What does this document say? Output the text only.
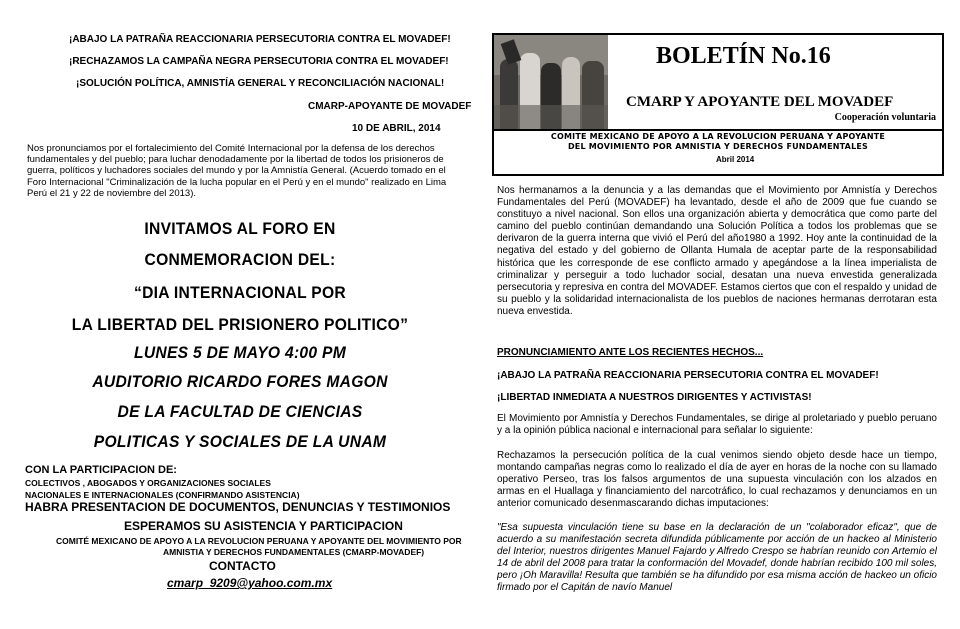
¡ABAJO LA PATRAÑA REACCIONARIA PERSECUTORIA CONTRA EL MOVADEF!
¡RECHAZAMOS LA CAMPAÑA NEGRA PERSECUTORIA CONTRA EL MOVADEF!
¡SOLUCIÓN POLÍTICA, AMNISTÍA GENERAL Y RECONCILIACIÓN NACIONAL!
CMARP-APOYANTE DE MOVADEF
10 DE ABRIL, 2014
Nos pronunciamos por el fortalecimiento del Comité Internacional por la defensa de los derechos fundamentales y del pueblo; para luchar denodadamente por la libertad de todos los prisioneros de guerra, políticos y luchadores sociales del mundo y por la Amnistía General. (Acuerdo tomado en el Foro Internacional "Criminalización de la lucha popular en el Perú y en el mundo" realizado en Lima Perú el 21 y 22 de noviembre del 2013).
INVITAMOS AL FORO EN
CONMEMORACION DEL:
“DIA INTERNACIONAL POR
LA LIBERTAD DEL PRISIONERO POLITICO”
LUNES 5 DE MAYO 4:00 PM
AUDITORIO RICARDO FORES MAGON
DE LA FACULTAD DE CIENCIAS
POLITICAS Y SOCIALES DE LA UNAM
CON LA PARTICIPACION DE:
COLECTIVOS , ABOGADOS Y ORGANIZACIONES SOCIALES
NACIONALES E INTERNACIONALES (CONFIRMANDO ASISTENCIA)
HABRA PRESENTACION DE DOCUMENTOS, DENUNCIAS Y TESTIMONIOS
ESPERAMOS SU ASISTENCIA Y PARTICIPACION
COMITÉ MEXICANO DE APOYO A LA REVOLUCION PERUANA Y APOYANTE DEL MOVIMIENTO POR
AMNISTIA Y DERECHOS FUNDAMENTALES (CMARP-MOVADEF)
CONTACTO
cmarp_9209@yahoo.com.mx
BOLETÍN No.16
CMARP Y APOYANTE DEL MOVADEF
Cooperación voluntaria
COMITE MEXICANO DE APOYO A LA REVOLUCION PERUANA Y APOYANTE
DEL MOVIMIENTO POR AMNISTIA Y DERECHOS FUNDAMENTALES
Abril 2014
Nos hermanamos a la denuncia y a las demandas que el Movimiento por Amnistía y Derechos Fundamentales del Perú (MOVADEF) ha levantado, desde el año de 2009 que fue cuando se constituyo a nivel nacional. Son ellos una organización abierta y democrática que como parte del camino del pueblo continúan demandando una Solución Política a todos los problemas que se derivaron de la guerra interna que vivió el Perú del año1980 a 1992. Hoy ante la continuidad de la negativa del estado y del gobierno de Ollanta Humala de aceptar parte de la responsabilidad histórica que les corresponde de ese conflicto armado y apegándose a la línea imperialista de criminalizar y perseguir a todo luchador social, desatan una nueva envestida generalizada persecutoria y represiva en contra del MOVADEF. Estamos ciertos que con el respaldo y unidad de su pueblo y la solidaridad internacionalista de los pueblos de naciones hermanas derrotaran esta nueva envestida.
PRONUNCIAMIENTO ANTE LOS RECIENTES HECHOS...
¡ABAJO LA PATRAÑA REACCIONARIA PERSECUTORIA CONTRA EL MOVADEF!
¡LIBERTAD INMEDIATA A NUESTROS DIRIGENTES Y ACTIVISTAS!
El Movimiento por Amnistía y Derechos Fundamentales, se dirige al proletariado y pueblo peruano y a la opinión pública nacional e internacional para señalar lo siguiente:
Rechazamos la persecución política de la cual venimos siendo objeto desde hace un tiempo, montando campañas negras como lo realizado el día de ayer en horas de la noche con su llamado operativo Perseo, tras los falsos argumentos de una supuesta vinculación con los alzados en armas en el Huallaga y financiamiento del narcotráfico, lo cual rechazamos y denunciamos en un anterior comunicado desenmascarando dichas imputaciones:
"Esa supuesta vinculación tiene su base en la declaración de un "colaborador eficaz", que de acuerdo a su manifestación secreta difundida públicamente por acción de un hackeo al Ministerio del Interior, nuestros dirigentes Manuel Fajardo y Alfredo Crespo se habrían reunido con Artemio el 14 de abril del 2008 para tratar la conformación del Movadef, donde habrían recibido 100 mil soles, pero ¡Oh Maravilla! Resulta que también se ha difundido por esa misma acción de hackeo un oficio firmado por el Capitán de navío Manuel
